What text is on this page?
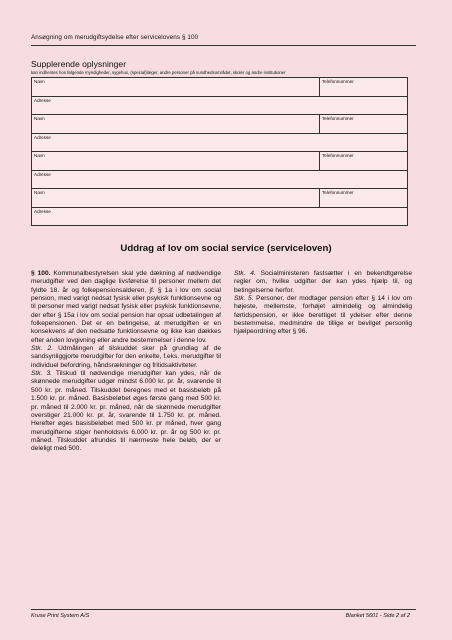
Ansøgning om merudgiftsydelse efter servicelovens § 100
Supplerende oplysninger
kan indhentes hos følgende myndigheder, sygehus, (special)læger, andre personer på sundhedsområdet, skoler og andre institutioner
Navn	Telefonnummer
Adresse
Navn	Telefonnummer
Adresse
Navn	Telefonnummer
Adresse
Navn	Telefonnummer
Adresse
Uddrag af lov om social service (serviceloven)

§ 100. Kommunalbestyrelsen skal yde dækning af nødvendige merudgifter ved den daglige livsførelse til personer mellem det fyldte 18. år og folkepensionsalderen, jf. § 1a i lov om social pension, med varigt nedsat fysisk eller psykisk funktionsevne og til personer med varigt nedsat fysisk eller psykisk funktionsevne, der efter § 15a i lov om social pension har opsat udbetalingen af folkepensionen. Det er en betingelse, at merudgiften er en konsekvens af den nedsatte funktionsevne og ikke kan dækkes efter anden lovgivning eller andre bestemmelser i denne lov.

Stk. 2. Udmålingen af tilskuddet sker på grundlag af de sandsynliggjorte merudgifter for den enkelte, f.eks. merudgifter til individuel befordring, håndsrækninger og fritidsaktiviteter.

Stk. 3. Tilskud til nødvendige merudgifter kan ydes, når de skønnede merudgifter udgør mindst 6.000 kr. pr. år, svarende til 500 kr. pr. måned. Tilskuddet beregnes med et basisbeløb på 1.500 kr. pr. måned. Basisbeløbet øges første gang med 500 kr. pr. måned til 2.000 kr. pr. måned, når de skønnede merudgifter overstiger 21.000 kr. pr. år, svarende til 1.750 kr. pr. måned. Herefter øges basisbeløbet med 500 kr. pr måned, hver gang merudgifterne stiger henholdsvis 6.000 kr. pr. år og 500 kr. pr. måned. Tilskuddet afrundes til nærmeste hele beløb, der er deleligt med 500.

Stk. 4. Socialministeren fastsætter i en bekendtgørelse regler om, hvilke udgifter der kan ydes hjælp til, og betingelserne herfor.

Stk. 5. Personer, der modtager pension efter § 14 i lov om højeste, mellemste, forhøjet almindelig og almindelig førtidspension, er ikke berettiget til ydelser efter denne bestemmelse, medmindre de tillige er bevilget personlig hjælpeordning efter § 96.

Kruse Print System A/S	Blanket 5601 - Side 2 af 2
